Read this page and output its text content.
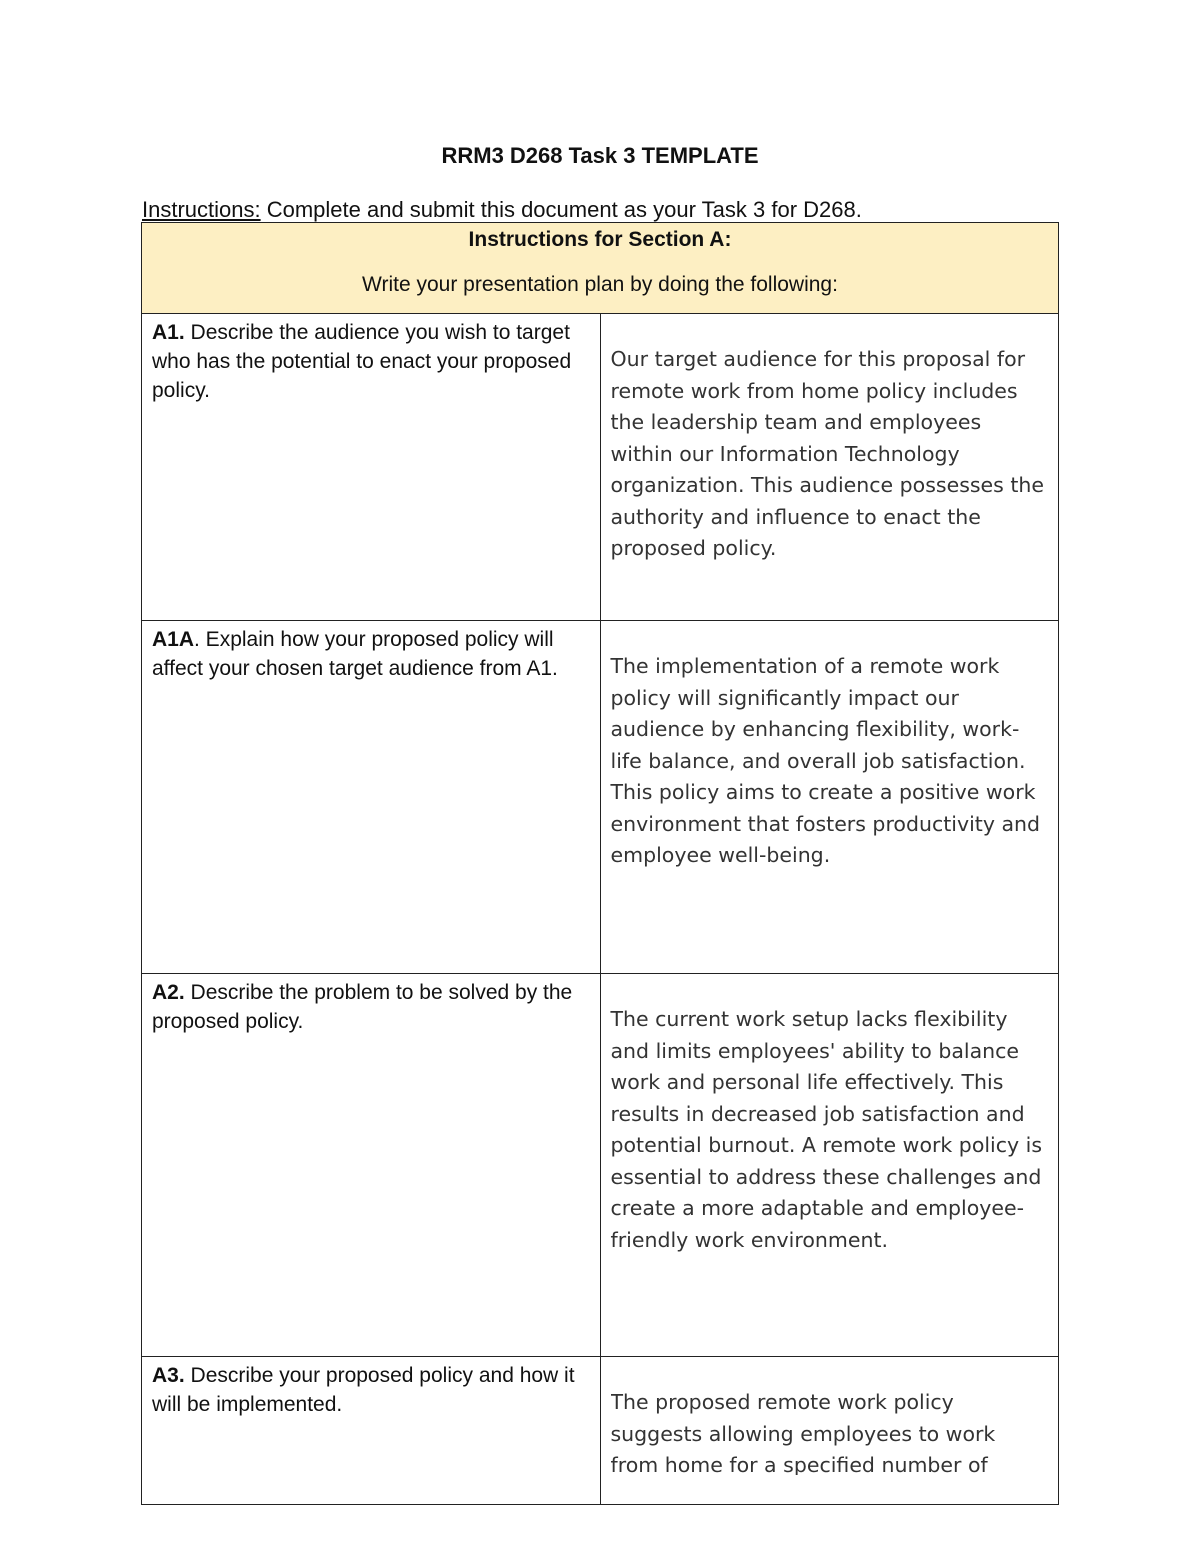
RRM3 D268 Task 3 TEMPLATE
Instructions: Complete and submit this document as your Task 3 for D268.
Instructions for Section A:
Write your presentation plan by doing the following:	

A1. Describe the audience you wish to target who has the potential to enact your proposed policy.	Our target audience for this proposal for remote work from home policy includes the leadership team and employees within our Information Technology organization. This audience possesses the authority and influence to enact the proposed policy.

A1A. Explain how your proposed policy will affect your chosen target audience from A1.	The implementation of a remote work policy will significantly impact our audience by enhancing flexibility, work-life balance, and overall job satisfaction. This policy aims to create a positive work environment that fosters productivity and employee well-being.

A2. Describe the problem to be solved by the proposed policy.	The current work setup lacks flexibility and limits employees' ability to balance work and personal life effectively. This results in decreased job satisfaction and potential burnout. A remote work policy is essential to address these challenges and create a more adaptable and employee-friendly work environment.

A3. Describe your proposed policy and how it will be implemented.	The proposed remote work policy suggests allowing employees to work from home for a specified number of
